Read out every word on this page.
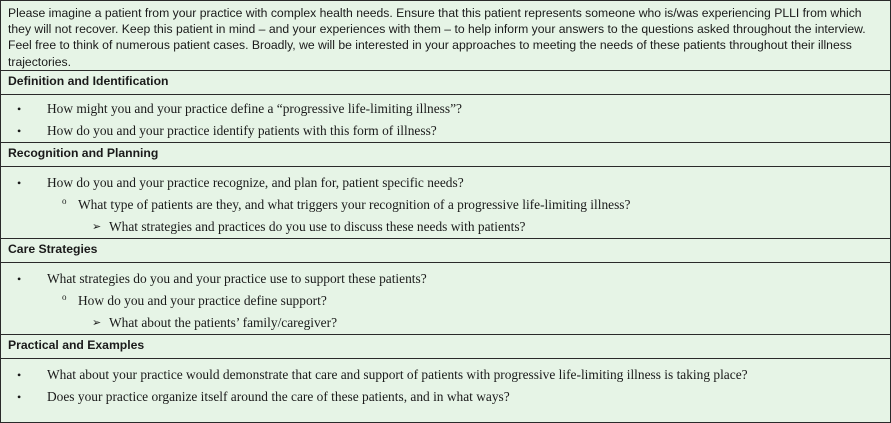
Please imagine a patient from your practice with complex health needs. Ensure that this patient represents someone who is/was experiencing PLLI from which they will not recover. Keep this patient in mind – and your experiences with them – to help inform your answers to the questions asked throughout the interview. Feel free to think of numerous patient cases. Broadly, we will be interested in your approaches to meeting the needs of these patients throughout their illness trajectories.
Definition and Identification
• How might you and your practice define a “progressive life-limiting illness”?
• How do you and your practice identify patients with this form of illness?
Recognition and Planning
• How do you and your practice recognize, and plan for, patient specific needs?
o What type of patients are they, and what triggers your recognition of a progressive life-limiting illness?
➢ What strategies and practices do you use to discuss these needs with patients?
Care Strategies
• What strategies do you and your practice use to support these patients?
o How do you and your practice define support?
➢ What about the patients’ family/caregiver?
Practical and Examples
• What about your practice would demonstrate that care and support of patients with progressive life-limiting illness is taking place?
• Does your practice organize itself around the care of these patients, and in what ways?
